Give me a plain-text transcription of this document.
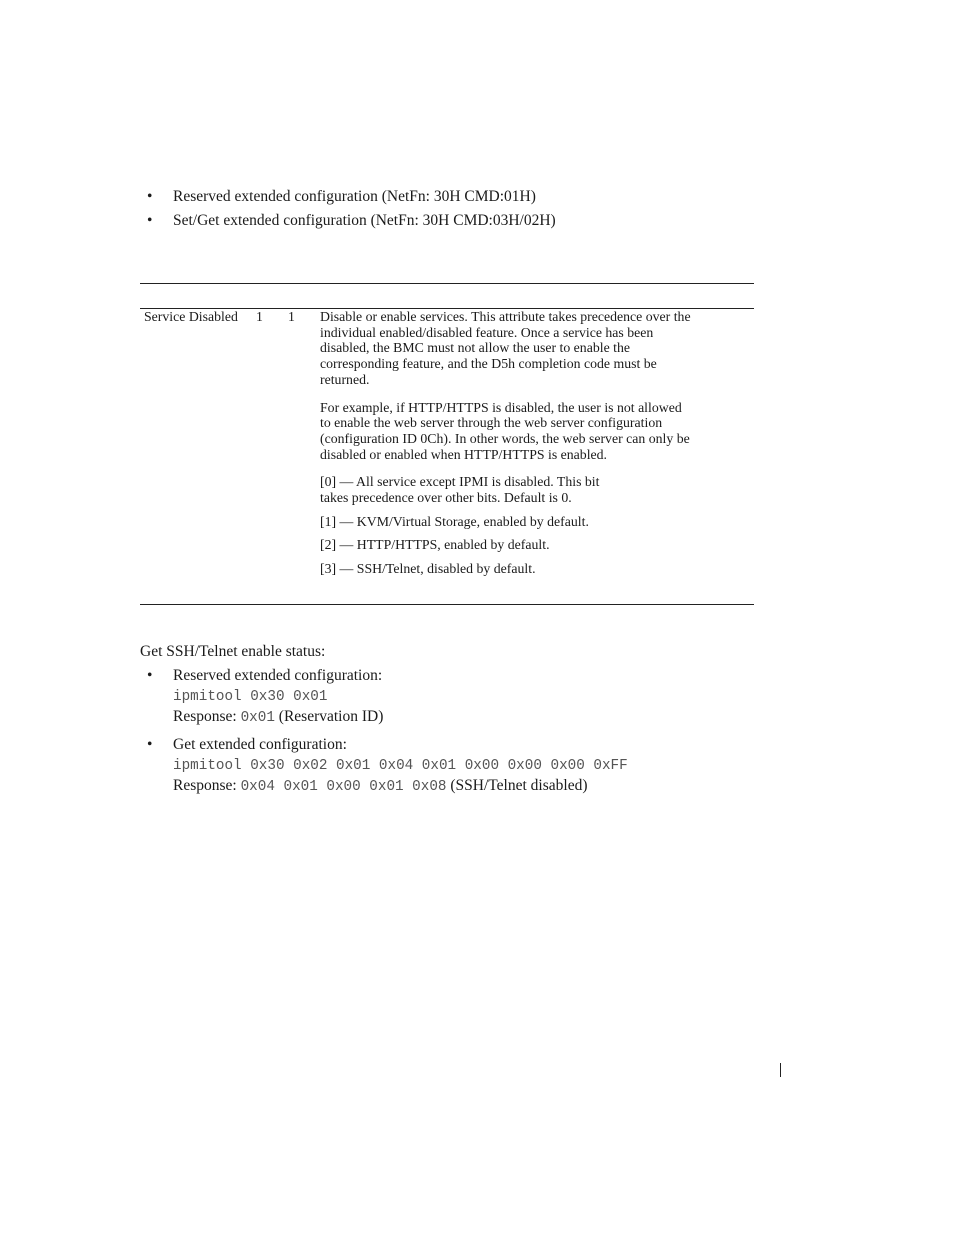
• Reserved extended configuration (NetFn: 30H CMD:01H)
• Set/Get extended configuration (NetFn: 30H CMD:03H/02H)
Service Disabled 1 1 Disable or enable services. This attribute takes precedence over the individual enabled/disabled feature. Once a service has been disabled, the BMC must not allow the user to enable the corresponding feature, and the D5h completion code must be returned.

For example, if HTTP/HTTPS is disabled, the user is not allowed to enable the web server through the web server configuration (configuration ID 0Ch). In other words, the web server can only be disabled or enabled when HTTP/HTTPS is enabled.

[0] — All service except IPMI is disabled. This bit takes precedence over other bits. Default is 0.

[1] — KVM/Virtual Storage, enabled by default.

[2] — HTTP/HTTPS, enabled by default.

[3] — SSH/Telnet, disabled by default.

Get SSH/Telnet enable status:

• Reserved extended configuration:
ipmitool 0x30 0x01
Response: 0x01 (Reservation ID)
• Get extended configuration:
ipmitool 0x30 0x02 0x01 0x04 0x01 0x00 0x00 0x00 0xFF
Response: 0x04 0x01 0x00 0x01 0x08 (SSH/Telnet disabled)
